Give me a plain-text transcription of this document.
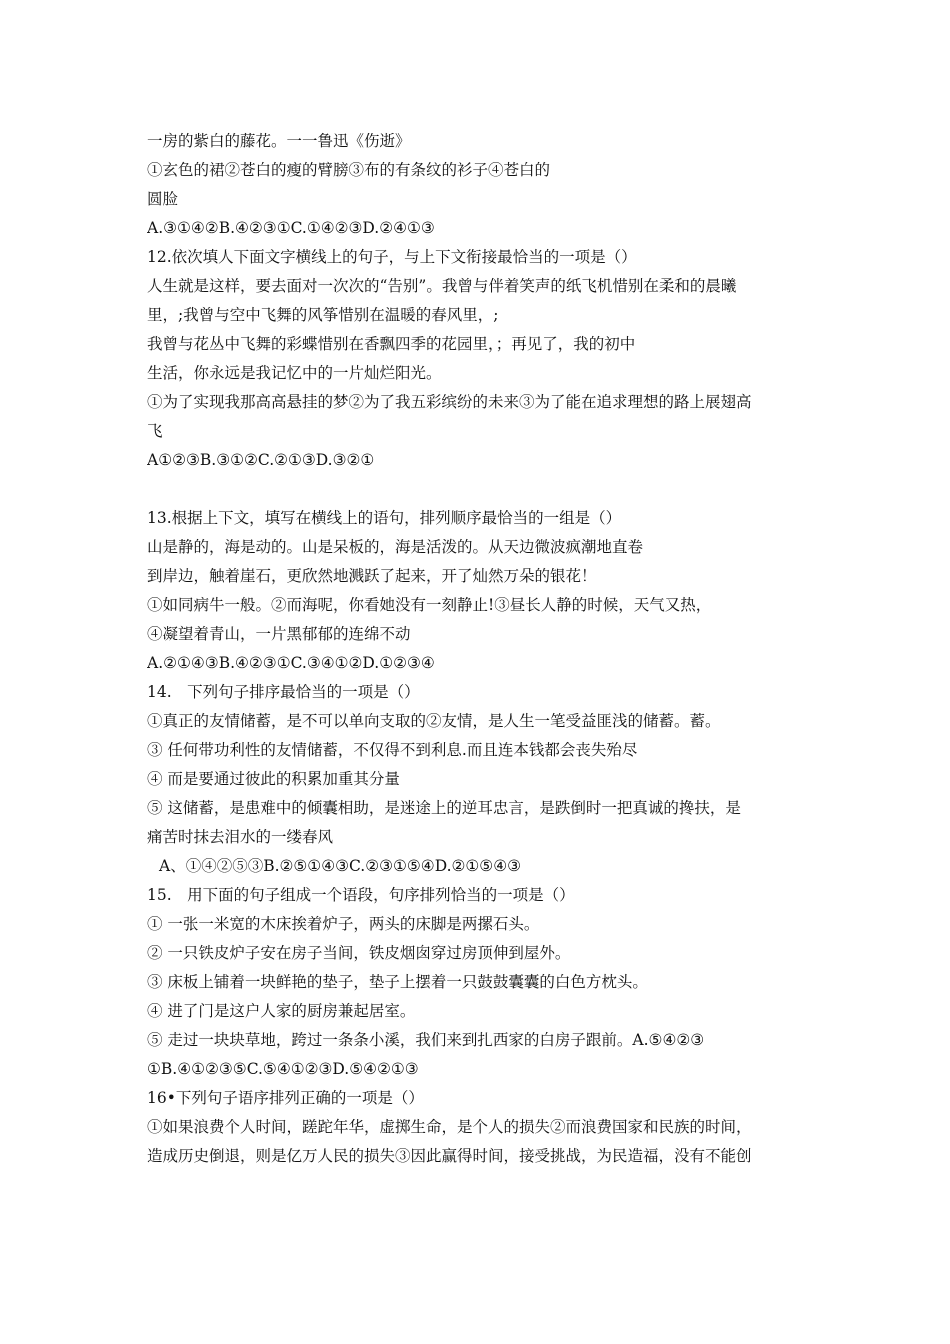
一房的紫白的藤花。一一鲁迅《伤逝》
①玄色的裙②苍白的瘦的臂膀③布的有条纹的衫子④苍白的
圆脸
A.③①④②B.④②③①C.①④②③D.②④①③
12.依次填人下面文字横线上的句子，与上下文衔接最恰当的一项是（）
人生就是这样，要去面对一次次的“告别”。我曾与伴着笑声的纸飞机惜别在柔和的晨曦
里，;我曾与空中飞舞的风筝惜别在温暖的春风里，;
我曾与花丛中飞舞的彩蝶惜别在香飘四季的花园里，；再见了，我的初中
生活，你永远是我记忆中的一片灿烂阳光。
①为了实现我那高高悬挂的梦②为了我五彩缤纷的未来③为了能在追求理想的路上展翅高
飞
A①②③B.③①②C.②①③D.③②①
13.根据上下文，填写在横线上的语句，排列顺序最恰当的一组是（）
山是静的，海是动的。山是呆板的，海是活泼的。从天边微波疯潮地直卷
到岸边，触着崖石，更欣然地溅跃了起来，开了灿然万朵的银花！
①如同病牛一般。②而海呢，你看她没有一刻静止!③昼长人静的时候，天气又热，
④凝望着青山，一片黑郁郁的连绵不动
A.②①④③B.④②③①C.③④①②D.①②③④
14.　下列句子排序最恰当的一项是（）
①真正的友情储蓄，是不可以单向支取的②友情，是人生一笔受益匪浅的储蓄。蓄。
③ 任何带功利性的友情储蓄，不仅得不到利息.而且连本钱都会丧失殆尽
④ 而是要通过彼此的积累加重其分量
⑤ 这储蓄，是患难中的倾囊相助，是迷途上的逆耳忠言，是跌倒时一把真诚的搀扶，是
痛苦时抹去泪水的一缕春风
A、①④②⑤③B.②⑤①④③C.②③①⑤④D.②①⑤④③
15.　用下面的句子组成一个语段，句序排列恰当的一项是（）
① 一张一米宽的木床挨着炉子，两头的床脚是两摞石头。
② 一只铁皮炉子安在房子当间，铁皮烟囱穿过房顶伸到屋外。
③ 床板上铺着一块鲜艳的垫子，垫子上摆着一只鼓鼓囊囊的白色方枕头。
④ 进了门是这户人家的厨房兼起居室。
⑤ 走过一块块草地，跨过一条条小溪，我们来到扎西家的白房子跟前。A.⑤④②③
①B.④①②③⑤C.⑤④①②③D.⑤④②①③
16•下列句子语序排列正确的一项是（）
①如果浪费个人时间，蹉跎年华，虚掷生命，是个人的损失②而浪费国家和民族的时间，
造成历史倒退，则是亿万人民的损失③因此赢得时间，接受挑战，为民造福，没有不能创
